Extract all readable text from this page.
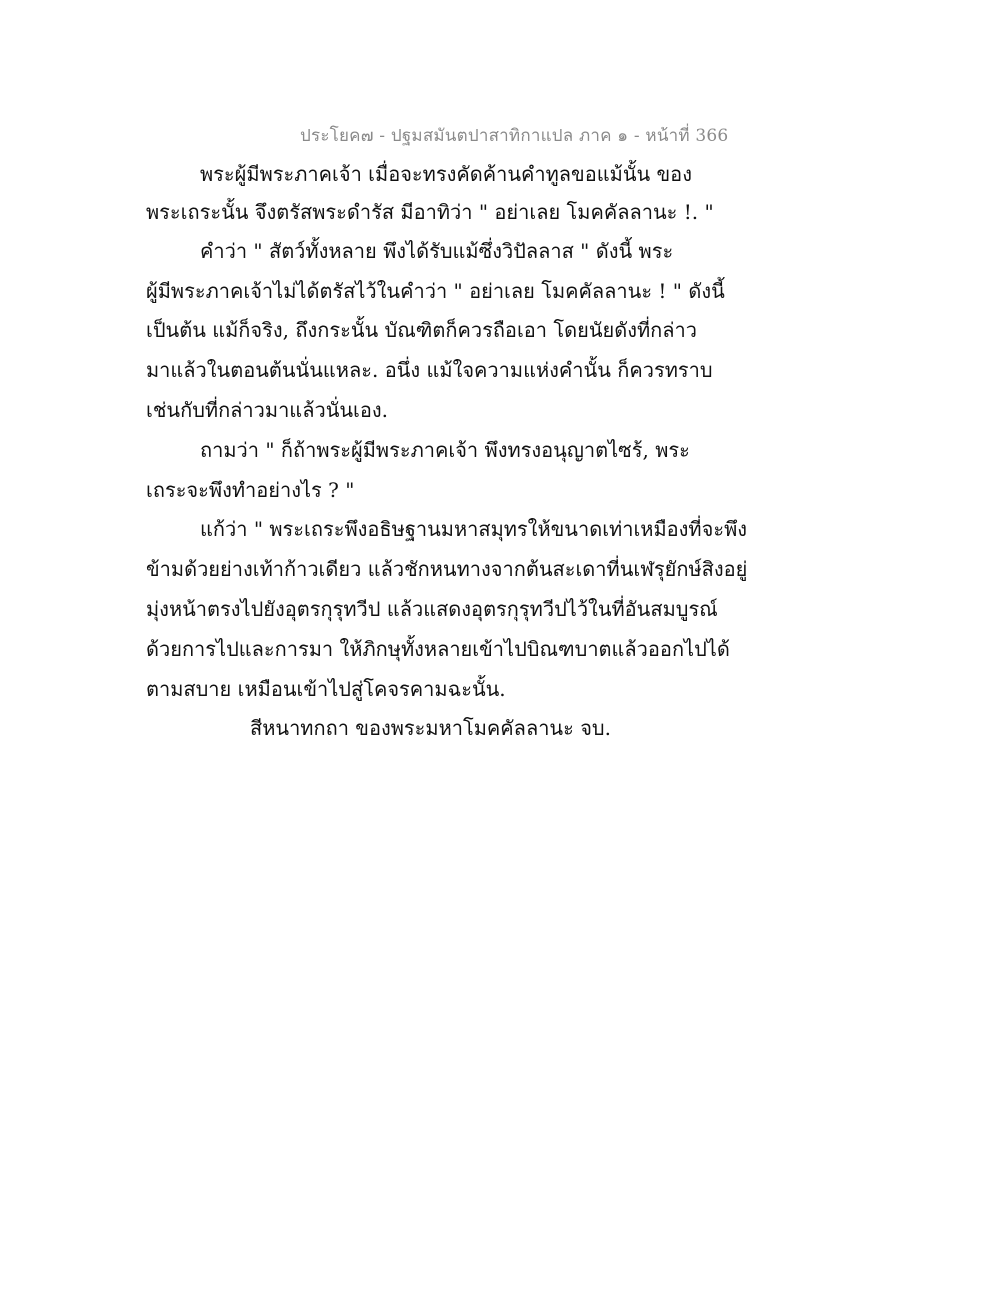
ประโยค๗ - ปฐมสมันตปาสาทิกาแปล ภาค ๑ - หน้าที่ 366
พระผู้มีพระภาคเจ้า เมื่อจะทรงคัดค้านคำทูลขอแม้นั้น ของ
พระเถระนั้น จึงตรัสพระดำรัส มีอาทิว่า " อย่าเลย โมคคัลลานะ !. "
คำว่า " สัตว์ทั้งหลาย พึงได้รับแม้ซึ่งวิปัลลาส " ดังนี้ พระ
ผู้มีพระภาคเจ้าไม่ได้ตรัสไว้ในคำว่า " อย่าเลย โมคคัลลานะ ! " ดังนี้
เป็นต้น แม้ก็จริง, ถึงกระนั้น บัณฑิตก็ควรถือเอา โดยนัยดังที่กล่าว
มาแล้วในตอนต้นนั่นแหละ. อนึ่ง แม้ใจความแห่งคำนั้น ก็ควรทราบ
เช่นกับที่กล่าวมาแล้วนั่นเอง.
ถามว่า " ก็ถ้าพระผู้มีพระภาคเจ้า พึงทรงอนุญาตไซร้, พระ
เถระจะพึงทำอย่างไร ? "
แก้ว่า " พระเถระพึงอธิษฐานมหาสมุทรให้ขนาดเท่าเหมืองที่จะพึง
ข้ามด้วยย่างเท้าก้าวเดียว แล้วชักหนทางจากต้นสะเดาที่นเฬรุยักษ์สิงอยู่
มุ่งหน้าตรงไปยังอุตรกุรุทวีป แล้วแสดงอุตรกุรุทวีปไว้ในที่อันสมบูรณ์
ด้วยการไปและการมา ให้ภิกษุทั้งหลายเข้าไปบิณฑบาตแล้วออกไปได้
ตามสบาย เหมือนเข้าไปสู่โคจรคามฉะนั้น.
สีหนาทกถา ของพระมหาโมคคัลลานะ จบ.
